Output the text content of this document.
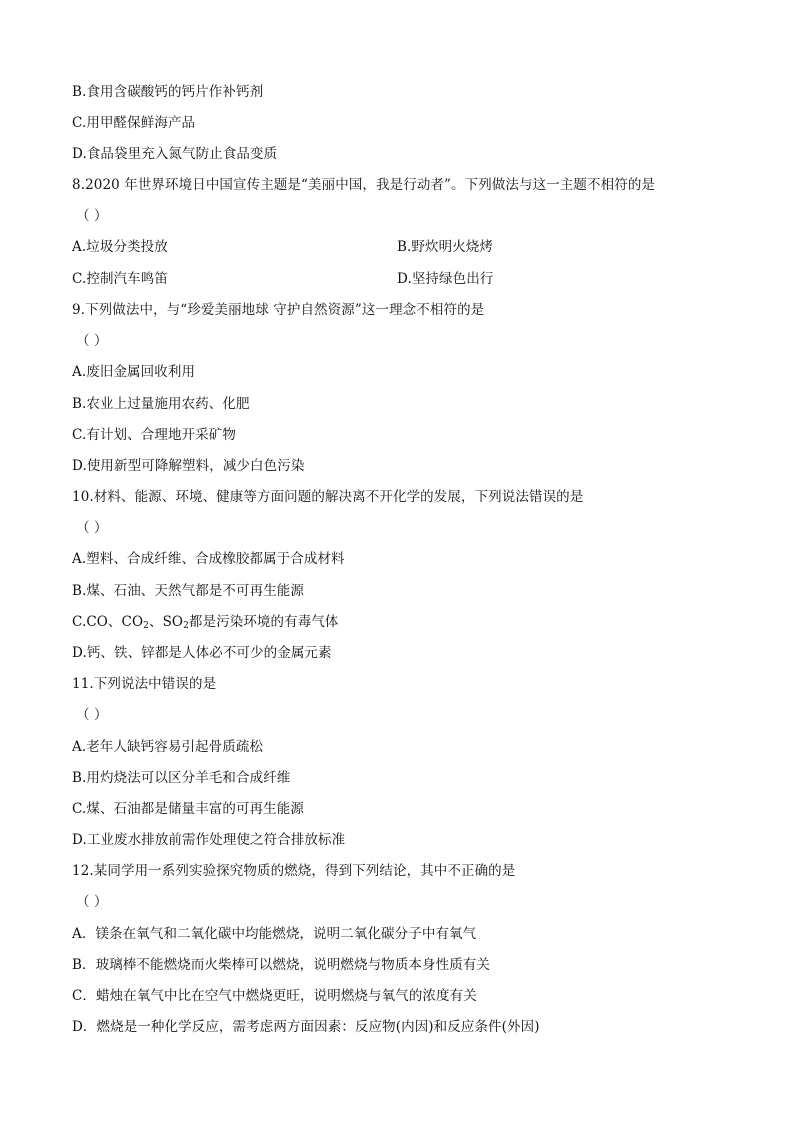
B.食用含碳酸钙的钙片作补钙剂
C.用甲醛保鲜海产品
D.食品袋里充入氮气防止食品变质
8.2020 年世界环境日中国宣传主题是“美丽中国，我是行动者”。下列做法与这一主题不相符的是
（ ）
A.垃圾分类投放	B.野炊明火烧烤
C.控制汽车鸣笛	D.坚持绿色出行
9.下列做法中，与“珍爱美丽地球 守护自然资源”这一理念不相符的是
（ ）
A.废旧金属回收利用
B.农业上过量施用农药、化肥
C.有计划、合理地开采矿物
D.使用新型可降解塑料，减少白色污染
10.材料、能源、环境、健康等方面问题的解决离不开化学的发展，下列说法错误的是
（ ）
A.塑料、合成纤维、合成橡胶都属于合成材料
B.煤、石油、天然气都是不可再生能源
C.CO、$CO_2$、$SO_2$都是污染环境的有毒气体
D.钙、铁、锌都是人体必不可少的金属元素
11.下列说法中错误的是
（ ）
A.老年人缺钙容易引起骨质疏松
B.用灼烧法可以区分羊毛和合成纤维
C.煤、石油都是储量丰富的可再生能源
D.工业废水排放前需作处理使之符合排放标准
12.某同学用一系列实验探究物质的燃烧，得到下列结论，其中不正确的是
（ ）
A．镁条在氧气和二氧化碳中均能燃烧，说明二氧化碳分子中有氧气
B．玻璃棒不能燃烧而火柴棒可以燃烧，说明燃烧与物质本身性质有关
C．蜡烛在氧气中比在空气中燃烧更旺，说明燃烧与氧气的浓度有关
D．燃烧是一种化学反应，需考虑两方面因素：反应物(内因)和反应条件(外因)
